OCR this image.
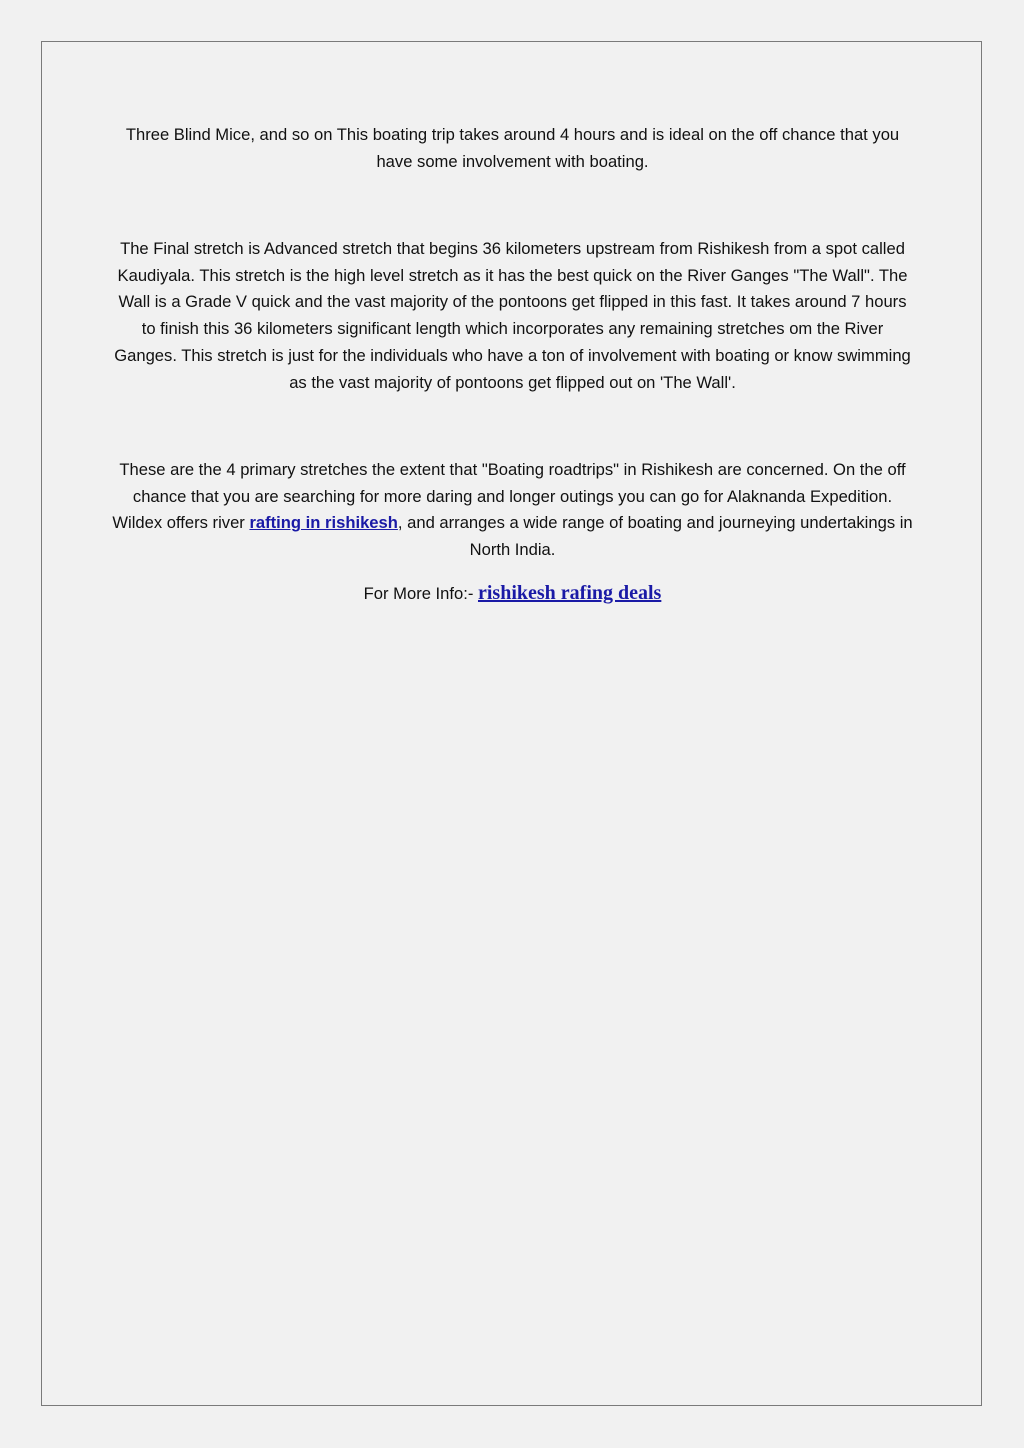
Three Blind Mice, and so on This boating trip takes around 4 hours and is ideal on the off chance that you have some involvement with boating.

The Final stretch is Advanced stretch that begins 36 kilometers upstream from Rishikesh from a spot called Kaudiyala. This stretch is the high level stretch as it has the best quick on the River Ganges "The Wall". The Wall is a Grade V quick and the vast majority of the pontoons get flipped in this fast. It takes around 7 hours to finish this 36 kilometers significant length which incorporates any remaining stretches om the River Ganges. This stretch is just for the individuals who have a ton of involvement with boating or know swimming as the vast majority of pontoons get flipped out on 'The Wall'.

These are the 4 primary stretches the extent that "Boating roadtrips" in Rishikesh are concerned. On the off chance that you are searching for more daring and longer outings you can go for Alaknanda Expedition. Wildex offers river rafting in rishikesh, and arranges a wide range of boating and journeying undertakings in North India.

For More Info:- rishikesh rafing deals
